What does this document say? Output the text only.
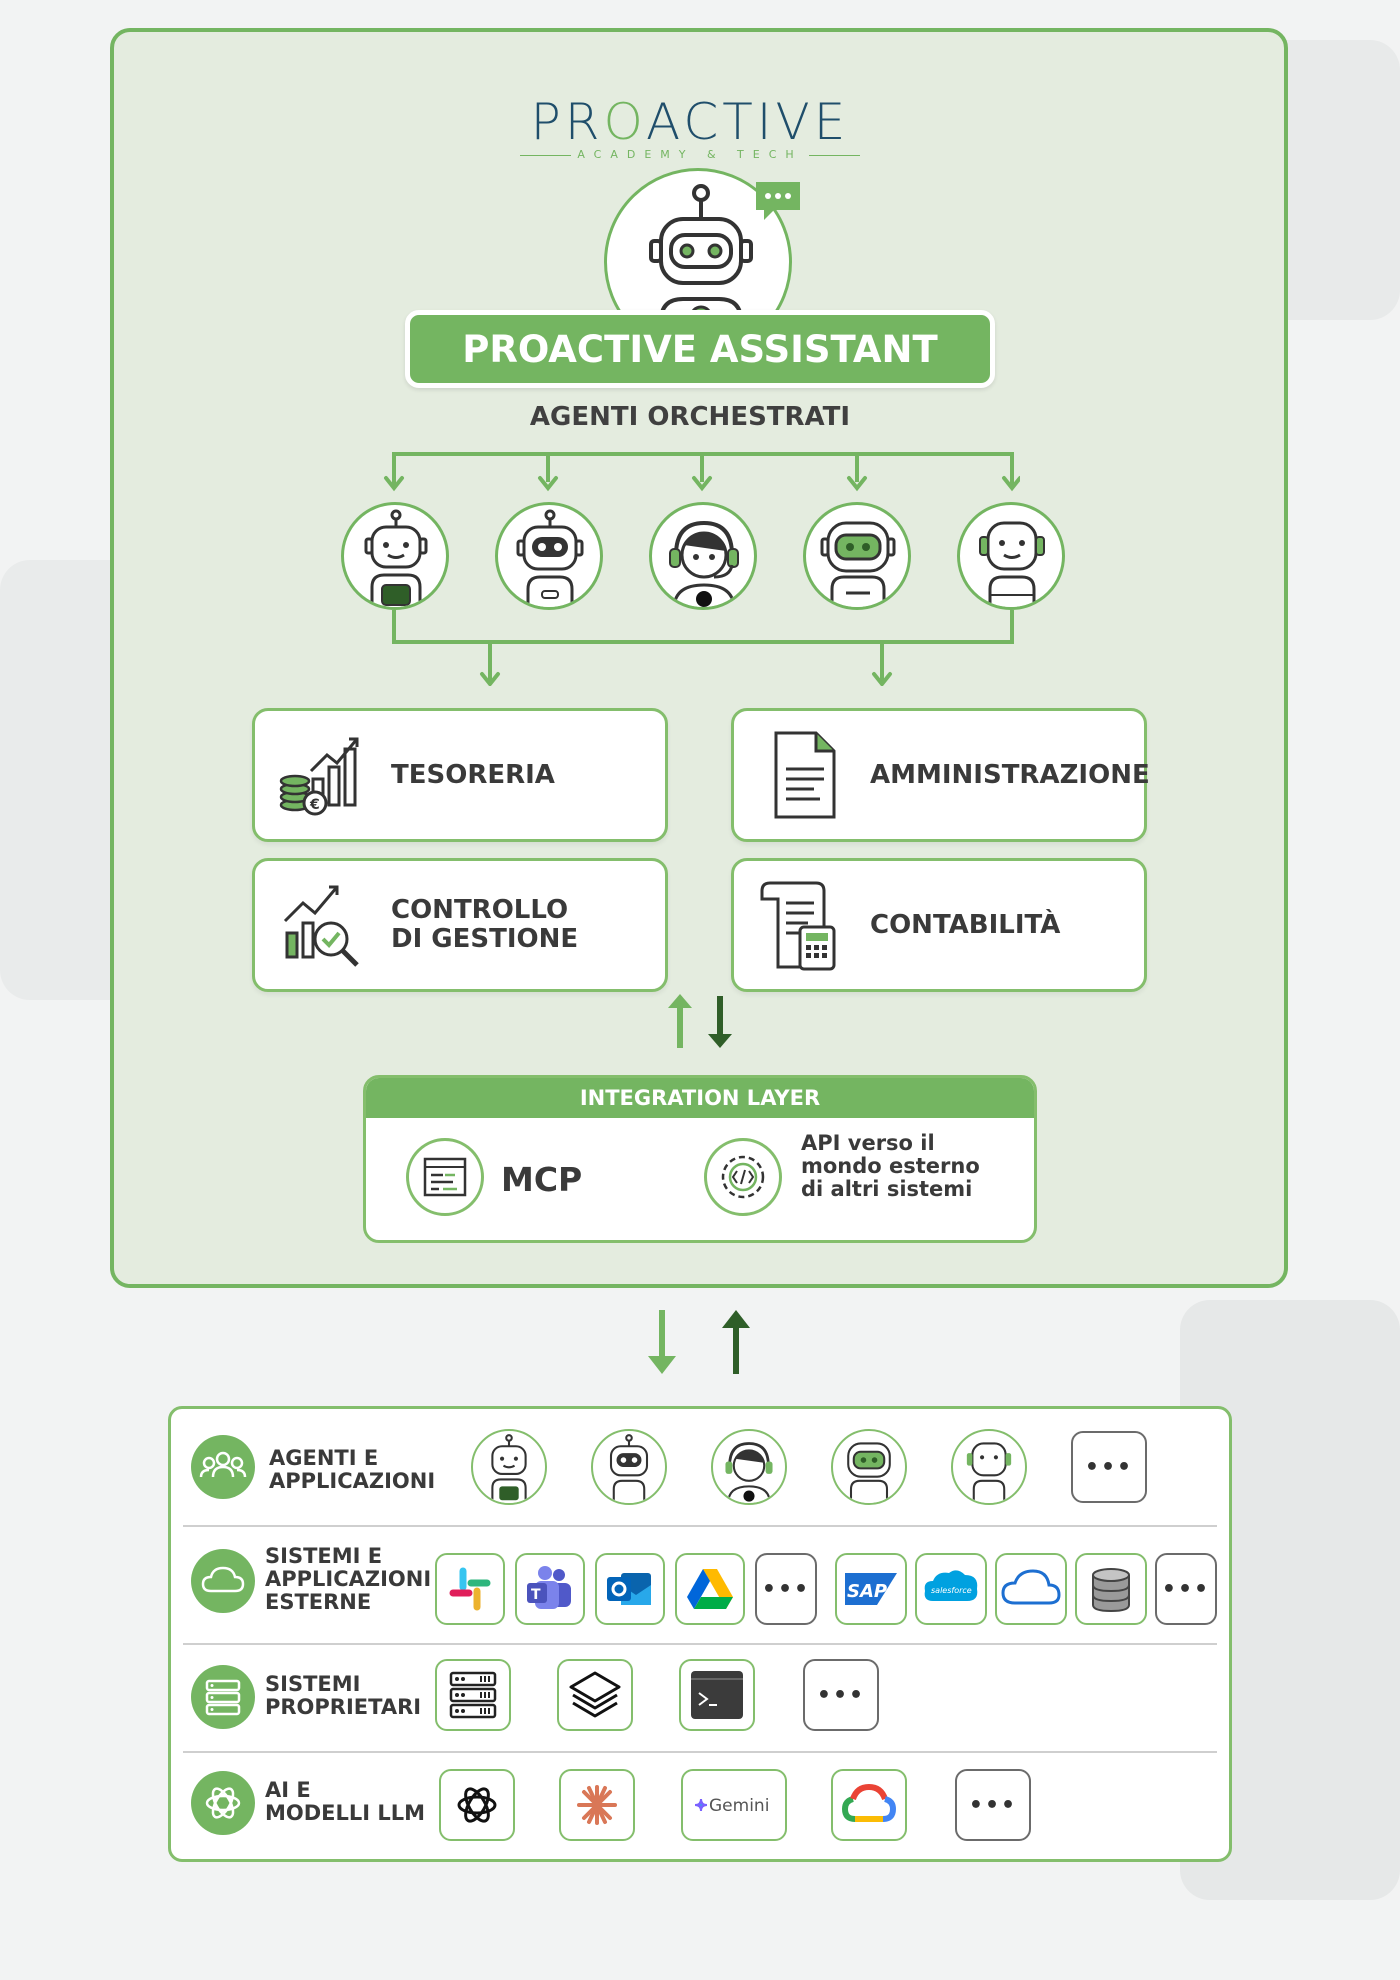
PROACTIVE
ACADEMY & TECH
PROACTIVE ASSISTANT
AGENTI ORCHESTRATI
€
TESORERIA	AMMINISTRAZIONE
CONTROLLO
DI GESTIONE	CONTABILITÀ
INTEGRATION LAYER
MCP
API verso il
mondo esterno
di altri sistemi
AGENTI E
APPLICAZIONI
•••
SISTEMI E
APPLICAZIONI
ESTERNE	T	•••	SAP	salesforce	•••
SISTEMI
PROPRIETARI	•••
AI E
MODELLI LLM	Gemini	•••
